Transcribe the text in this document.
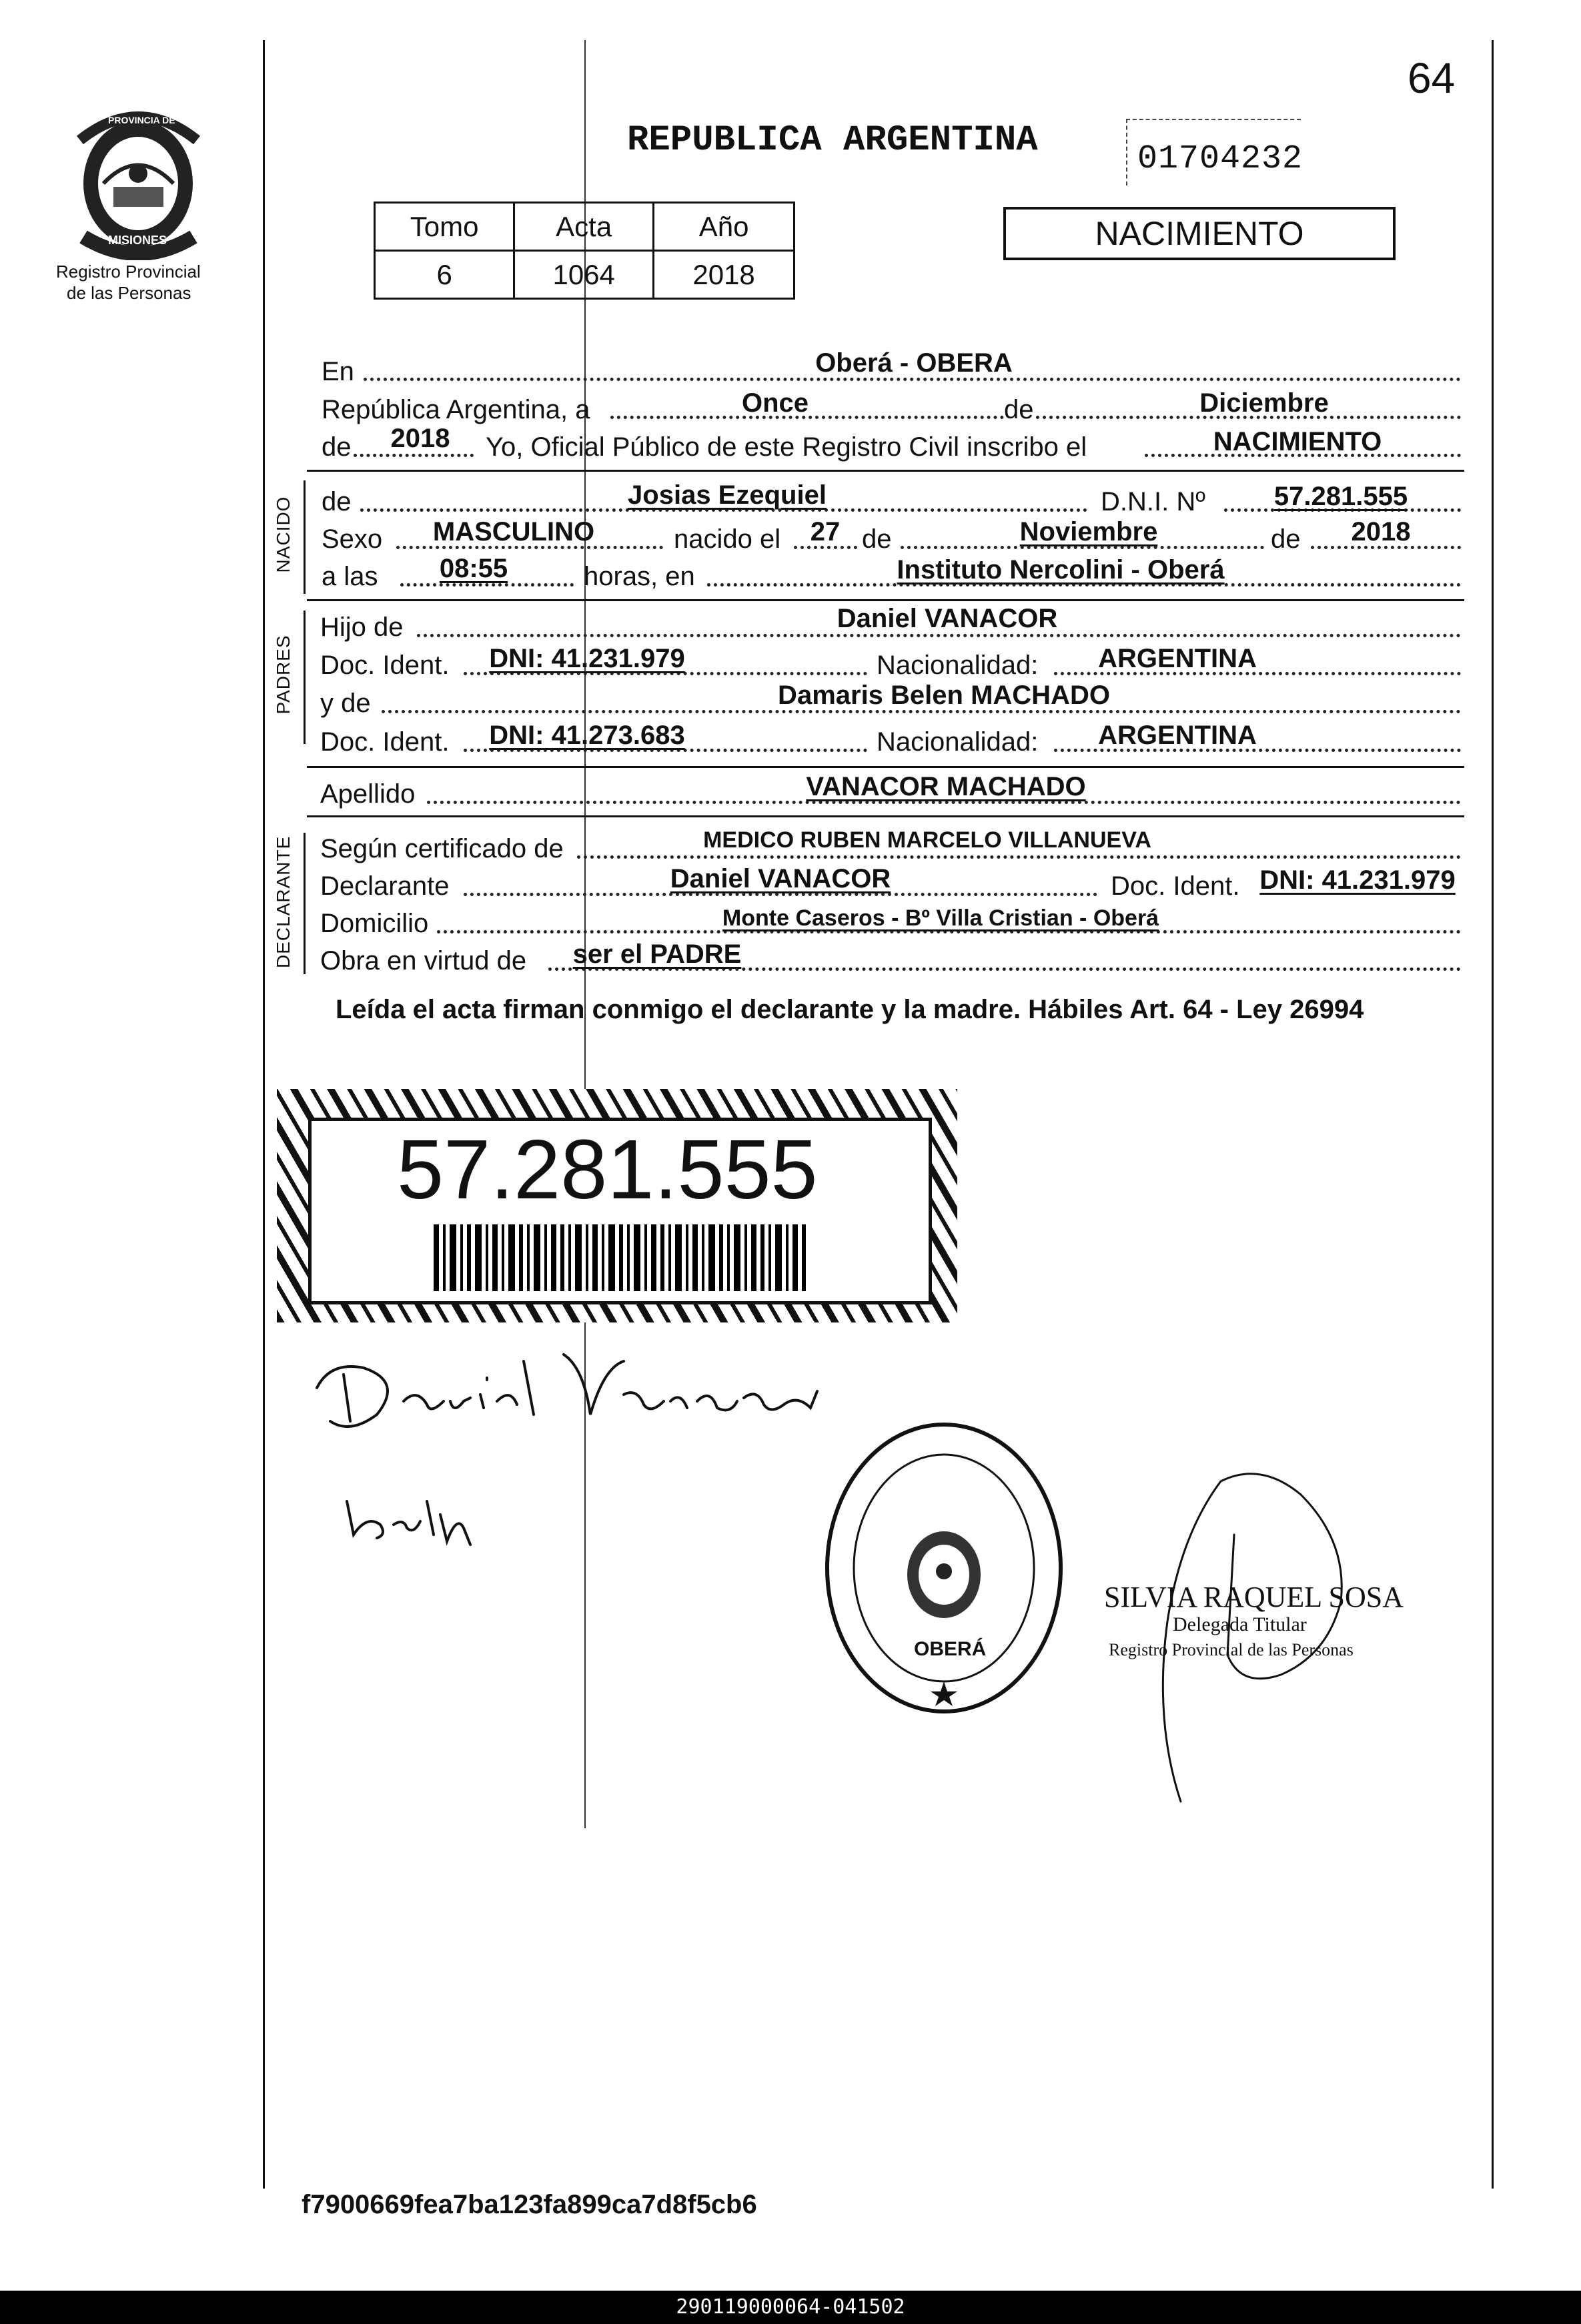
64
PROVINCIA DE
MISIONES
Registro Provincial
de las Personas
REPUBLICA ARGENTINA	01704232
NACIMIENTO
Tomo	Acta	Año
6	1064	2018
En	Oberá - OBERA
República Argentina, a	Once	de	Diciembre
de 2018 Yo, Oficial Público de este Registro Civil inscribo el	NACIMIENTO
NACIDO de	Josias Ezequiel	D.N.I. Nº	57.281.555
Sexo MASCULINO	nacido el 27 de	Noviembre	de 2018
a las 08:55	horas, en	Instituto Nercolini - Oberá
PADRES
Hijo de	Daniel VANACOR
Doc. Ident. DNI: 41.231.979	Nacionalidad: ARGENTINA
y de	Damaris Belen MACHADO
Doc. Ident. DNI: 41.273.683	Nacionalidad: ARGENTINA
Apellido	VANACOR MACHADO
DECLARANTE Según certificado de	MEDICO RUBEN MARCELO VILLANUEVA
Declarante	Daniel VANACOR	Doc. Ident. DNI: 41.231.979
Domicilio	Monte Caseros - Bº Villa Cristian - Oberá
Obra en virtud de ser el PADRE
Leída el acta firman conmigo el declarante y la madre. Hábiles Art. 64 - Ley 26994
57.281.555
OBERÁ
SILVIA RAQUEL SOSA
Delegada Titular
Registro Provincial de las Personas
f7900669fea7ba123fa899ca7d8f5cb6
290119000064-041502
